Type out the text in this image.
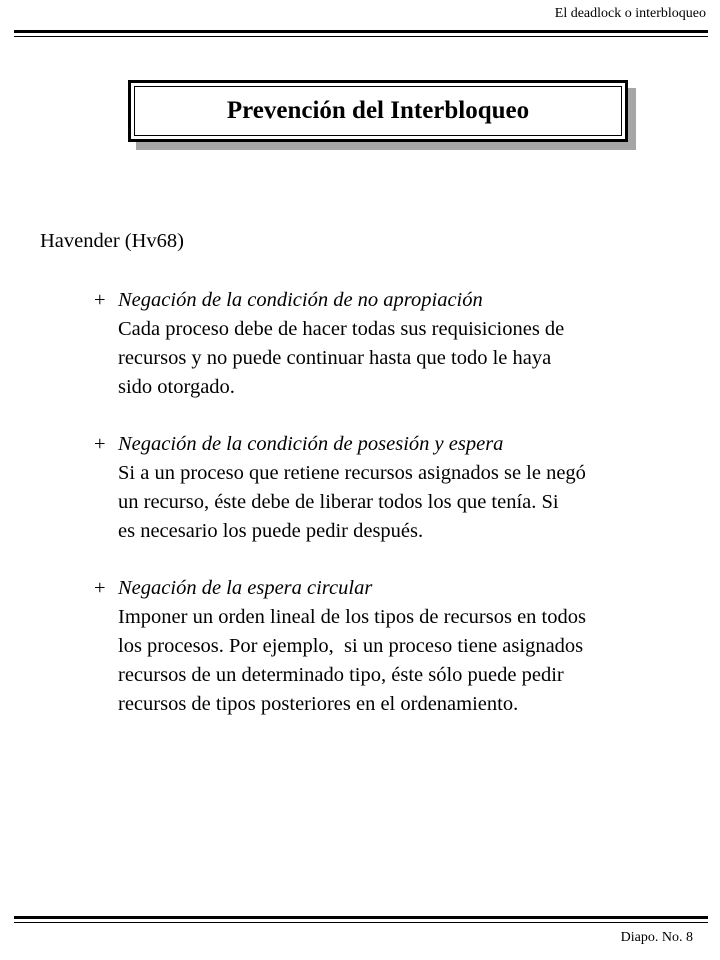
El deadlock o interbloqueo
Prevención del Interbloqueo
Havender (Hv68)
+ Negación de la condición de no apropiación
Cada proceso debe de hacer todas sus requisiciones de
recursos y no puede continuar hasta que todo le haya
sido otorgado.
+ Negación de la condición de posesión y espera
Si a un proceso que retiene recursos asignados se le negó
un recurso, éste debe de liberar todos los que tenía. Si
es necesario los puede pedir después.
+ Negación de la espera circular
Imponer un orden lineal de los tipos de recursos en todos
los procesos. Por ejemplo,  si un proceso tiene asignados
recursos de un determinado tipo, éste sólo puede pedir
recursos de tipos posteriores en el ordenamiento.
Diapo. No. 8
